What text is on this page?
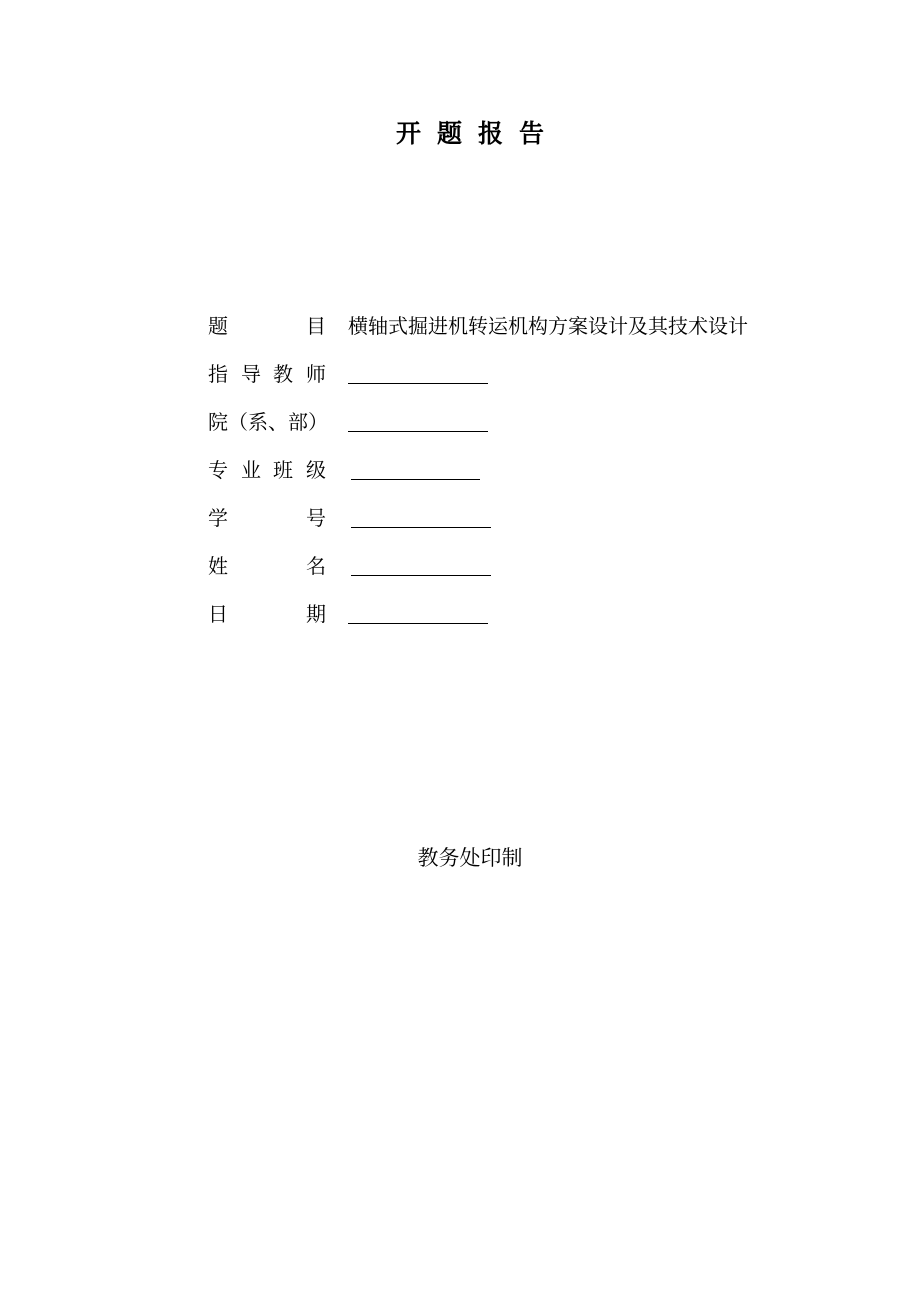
开 题 报 告
题	目 横轴式掘进机转运机构方案设计及其技术设计
指 导 教 师
院（系、部）
专 业 班 级
学	号
姓	名
日	期
教务处印制
